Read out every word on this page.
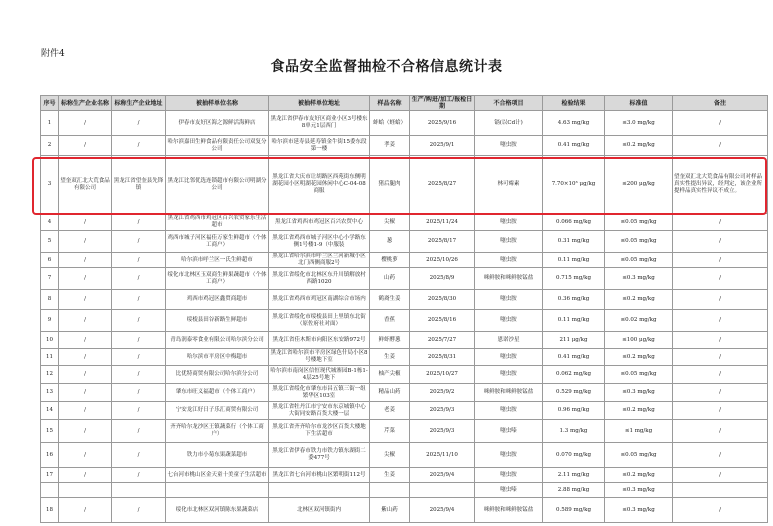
附件4
食品安全监督抽检不合格信息统计表
序号	标称生产企业名称	标称生产企业地址	被抽样单位名称	被抽样单位地址	样品名称	生产/购进/加工/报检日期	不合格项目	检验结果	标准值	备注
1	/	/	伊春市友好区海之源鲜活海鲜店	黑龙江省伊春市友好区商业小区3号楼东8单元1层西门	蚌蛤（蛏蛤）	2025/9/16	镉(以Cd计)	4.63 mg/kg	≤3.0 mg/kg	/
2	/	/	哈尔滨嘉田生鲜食品有限责任公司双复分公司	哈尔滨市延寿县延寿镇金牛街15委东段第一楼	孝姜	2025/9/1	噻虫胺	0.41 mg/kg	≤0.2 mg/kg	/
3	望奎双汇北大荒食品有限公司	黑龙江省望奎县先锋镇	黑龙江比邻优选连锁超市有限公司明湖分公司	黑龙江省大庆市让胡路区西苑街东侧明湖花园小区明湖花园休闲中心C-04-08商服	猪后腿肉	2025/8/27	林可霉素	7.70×10³ μg/kg	≤200 μg/kg	望奎双汇北大荒食品有限公司对样品真实性提出异议，经判定，该企业所提样品真实性异议不成立。
4	/	/	黑龙江省鸡西市鸡冠区百兴农贸家乐生活超市	黑龙江省鸡西市鸡冠区百兴农贸中心	尖椒	2025/11/24	噻虫胺	0.066 mg/kg	≤0.05 mg/kg	/
5	/	/	鸡西市城子河区福佳万家生鲜超市（个体工商户）	黑龙江省鸡西市城子河区中心小学路东侧1号楼1-9（中服装	葱	2025/8/17	噻虫胺	0.31 mg/kg	≤0.05 mg/kg	/
6	/	/	哈尔滨市呼兰区一氏生鲜超市	黑龙江省哈尔滨市呼兰区兰河新城小区北门西侧商服2号	樱桃萝	2025/10/26	噻虫胺	0.11 mg/kg	≤0.05 mg/kg	/
7	/	/	绥化市北林区玉双商生鲜果蔬超市（个体工商户）	黑龙江省绥化市北林区东升川镇解放村西路1020	山药	2025/8/9	咪鲜胺和咪鲜胺锰盐	0.715 mg/kg	≤0.3 mg/kg	/
8	/	/	鸡西市鸡冠区鑫贸商超市	黑龙江省鸡西市鸡冠区南湖综合市场内	鹤裔生姜	2025/8/30	噻虫胺	0.36 mg/kg	≤0.2 mg/kg	/
9	/	/	绥棱县田谷新路生鲜超市	黑龙江省绥化市绥棱县田上里镇东北街（原佐府社对面）	香蕉	2025/8/16	噻虫胺	0.11 mg/kg	≤0.02 mg/kg	/
10	/	/	青岛润泰零食业有限公司哈尔滨分公司	黑龙江省佳木斯市向阳区东安路972号	鲜虾酵葱	2025/7/27	恩诺沙星	211 μg/kg	≤100 μg/kg	/
11	/	/	哈尔滨市平房区中梅超市	黑龙江省哈尔滨市平房区绿色什局小区8号楼地下室	生姜	2025/8/31	噻虫胺	0.41 mg/kg	≤0.2 mg/kg	/
12	/	/	比优特商贸有限公司哈尔滨分公司	哈尔滨市南岗区信恒现代城寨园B-1栋1-4层25号地下	柚产尖椒	2025/10/27	噻虫胺	0.062 mg/kg	≤0.05 mg/kg	/
13	/	/	肇东市旺义福超市（个体工商户）	黑龙江省绥化市肇东市昌五镇三街一组繁华区103室	精品山药	2025/9/2	咪鲜胺和咪鲜胺锰盐	0.529 mg/kg	≤0.3 mg/kg	/
14	/	/	宁安龙江好日子乐汇商贸有限公司	黑龙江省牡丹江市宁安市东京城镇中心大街同安路百货大楼一层	老姜	2025/9/3	噻虫胺	0.96 mg/kg	≤0.2 mg/kg	/
15	/	/	齐齐哈尔龙沙区王镇蔬菜行（个体工商户）	黑龙江省齐齐哈尔市龙沙区百货大楼地下生活超市	芹菜	2025/9/3	噻虫嗪	1.3 mg/kg	≤1 mg/kg	/
16	/	/	铁力市小菊东果蔬菜超市	黑龙江省伊春市铁力市铁力镇东湖街二委477号	尖椒	2025/11/10	噻虫胺	0.070 mg/kg	≤0.05 mg/kg	/
17	/	/	七台河市桃山区金天童十美童子生活超市	黑龙江省七台河市桃山区繁明街112号	生姜	2025/9/4	噻虫胺	2.11 mg/kg	≤0.2 mg/kg	/
							噻虫嗪	2.88 mg/kg	≤0.3 mg/kg	
18	/	/	绥化市北林区双河镇陈东果蔬菜店	北林区双河镇街内	紫山药	2025/9/4	咪鲜胺和咪鲜胺锰盐	0.589 mg/kg	≤0.3 mg/kg	/
